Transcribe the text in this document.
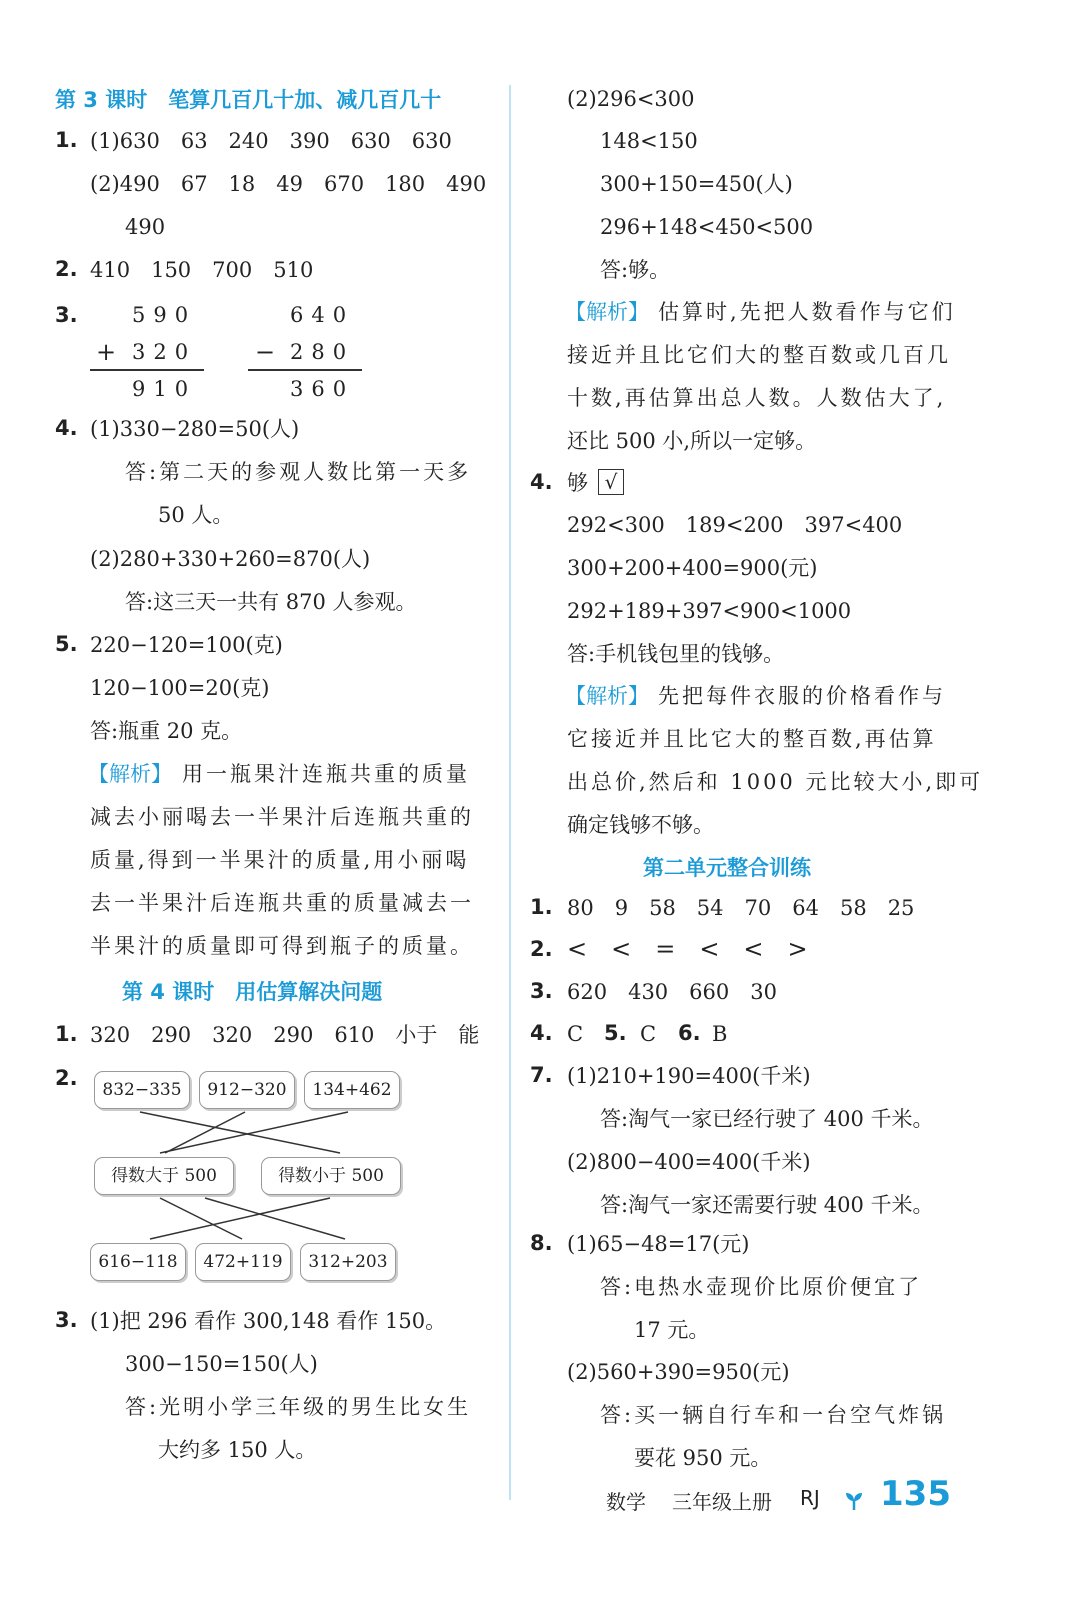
第 3 课时　笔算几百几十加、减几百几十
1. (1)630　63　240　390　630　630
(2)490　67　18　49　670　180　490
490
2. 410　150　700　510
3.	590
+ 320
910
640
− 280
360
4. (1)330−280=50(人)
答:第二天的参观人数比第一天多
50 人。
(2)280+330+260=870(人)
答:这三天一共有 870 人参观。
5. 220−120=100(克)
120−100=20(克)
答:瓶重 20 克。
【解析】 用一瓶果汁连瓶共重的质量
减去小丽喝去一半果汁后连瓶共重的
质量,得到一半果汁的质量,用小丽喝
去一半果汁后连瓶共重的质量减去一
半果汁的质量即可得到瓶子的质量。
第 4 课时　用估算解决问题
1. 320　290　320　290　610　小于　能
2.	832−335	912−320	134+462
得数大于 500	得数小于 500
616−118	472+119	312+203
3. (1)把 296 看作 300,148 看作 150。
300−150=150(人)
答:光明小学三年级的男生比女生
大约多 150 人。
(2)296<300
148<150
300+150=450(人)
296+148<450<500
答:够。
【解析】 估算时,先把人数看作与它们
接近并且比它们大的整百数或几百几
十数,再估算出总人数。人数估大了,
还比 500 小,所以一定够。
4. 够 √
292<300　189<200　397<400
300+200+400=900(元)
292+189+397<900<1000
答:手机钱包里的钱够。
【解析】 先把每件衣服的价格看作与
它接近并且比它大的整百数,再估算
出总价,然后和 1000 元比较大小,即可
确定钱够不够。
第二单元整合训练
1. 80　9　58　54　70　64　58　25
2. <　<　=　<　<　>
3. 620　430　660　30
4. C 5. C 6. B
7. (1)210+190=400(千米)
答:淘气一家已经行驶了 400 千米。
(2)800−400=400(千米)
答:淘气一家还需要行驶 400 千米。
8. (1)65−48=17(元)
答:电热水壶现价比原价便宜了
17 元。
(2)560+390=950(元)
答:买一辆自行车和一台空气炸锅
要花 950 元。
数学 三年级上册 RJ 135
